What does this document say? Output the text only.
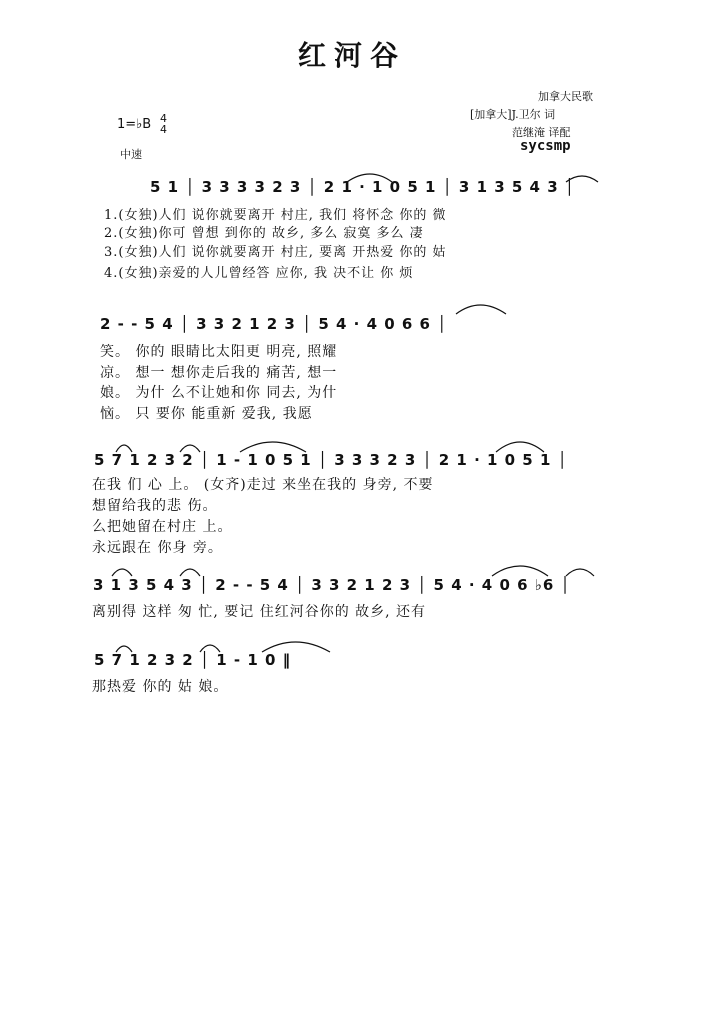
红河谷
加拿大民歌
[加拿大]J.卫尔 词
范继淹 译配
sycsmp
1=♭B 4
4
中速
5 1 │ 3 3 3 3 2 3 │ 2 1 · 1 0 5 1 │ 3 1 3 5 4 3 │
1.(女独)人们 说你就要离开 村庄, 我们 将怀念 你的 微
2.(女独)你可 曾想 到你的 故乡, 多么 寂寞 多么 凄
3.(女独)人们 说你就要离开 村庄, 要离 开热爱 你的 姑
4.(女独)亲爱的人儿曾经答 应你, 我 决不让 你 烦
2 - - 5 4 │ 3 3 2 1 2 3 │ 5 4 · 4 0 6 6 │
笑。 你的 眼睛比太阳更 明亮, 照耀
凉。 想一 想你走后我的 痛苦, 想一
娘。 为什 么不让她和你 同去, 为什
恼。 只 要你 能重新 爱我, 我愿
5 7 1 2 3 2 │ 1 - 1 0 5 1 │ 3 3 3 2 3 │ 2 1 · 1 0 5 1 │
在我 们 心 上。 (女齐)走过 来坐在我的 身旁, 不要
想留给我的悲 伤。
么把她留在村庄 上。
永远跟在 你身 旁。
3 1 3 5 4 3 │ 2 - - 5 4 │ 3 3 2 1 2 3 │ 5 4 · 4 0 6 ♭6 │
离别得 这样 匆 忙, 要记 住红河谷你的 故乡, 还有
5 7 1 2 3 2 │ 1 - 1 0 ‖
那热爱 你的 姑 娘。
